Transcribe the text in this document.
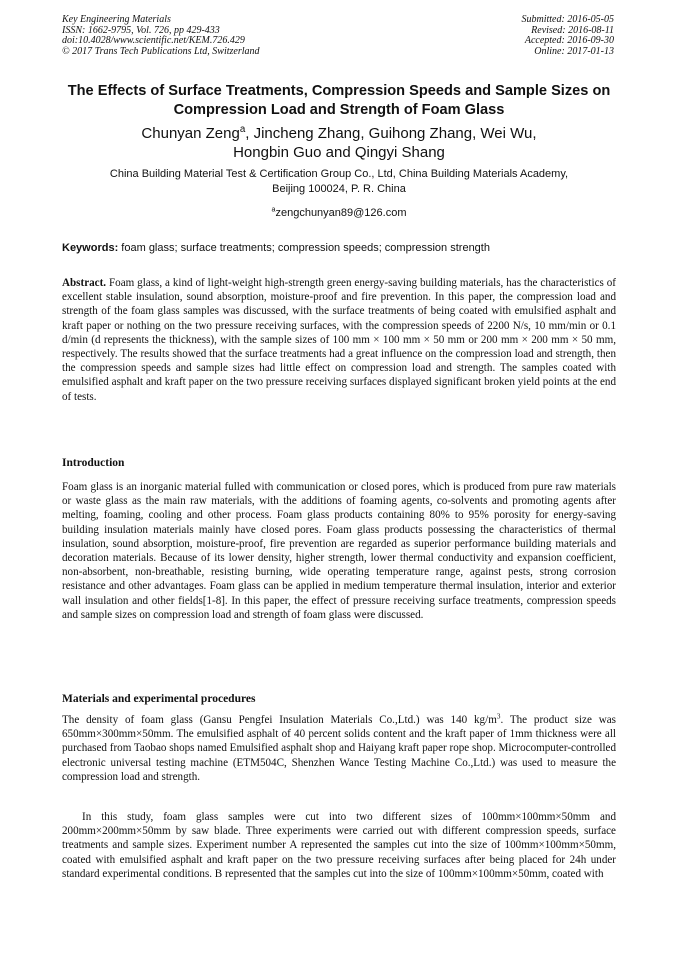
Key Engineering Materials
ISSN: 1662-9795, Vol. 726, pp 429-433
doi:10.4028/www.scientific.net/KEM.726.429
© 2017 Trans Tech Publications Ltd, Switzerland
Submitted: 2016-05-05
Revised: 2016-08-11
Accepted: 2016-09-30
Online: 2017-01-13
The Effects of Surface Treatments, Compression Speeds and Sample Sizes on Compression Load and Strength of Foam Glass
Chunyan Zeng$^a$, Jincheng Zhang, Guihong Zhang, Wei Wu,
Hongbin Guo and Qingyi Shang
China Building Material Test & Certification Group Co., Ltd, China Building Materials Academy,
Beijing 100024, P. R. China
$^a$zengchunyan89@126.com
Keywords: foam glass; surface treatments; compression speeds; compression strength

Abstract. Foam glass, a kind of light-weight high-strength green energy-saving building materials, has the characteristics of excellent stable insulation, sound absorption, moisture-proof and fire prevention. In this paper, the compression load and strength of the foam glass samples was discussed, with the surface treatments of being coated with emulsified asphalt and kraft paper or nothing on the two pressure receiving surfaces, with the compression speeds of 2200 N/s, 10 mm/min or 0.1 d/min (d represents the thickness), with the sample sizes of 100 mm × 100 mm × 50 mm or 200 mm × 200 mm × 50 mm, respectively. The results showed that the surface treatments had a great influence on the compression load and strength, then the compression speeds and sample sizes had little effect on compression load and strength. The samples coated with emulsified asphalt and kraft paper on the two pressure receiving surfaces displayed significant broken yield points at the end of tests.

Introduction

Foam glass is an inorganic material fulled with communication or closed pores, which is produced from pure raw materials or waste glass as the main raw materials, with the additions of foaming agents, co-solvents and promoting agents after melting, foaming, cooling and other process. Foam glass products containing 80% to 95% porosity for energy-saving building insulation materials mainly have closed pores. Foam glass products possessing the characteristics of thermal insulation, sound absorption, moisture-proof, fire prevention are regarded as superior performance building materials and decoration materials. Because of its lower density, higher strength, lower thermal conductivity and expansion coefficient, non-absorbent, non-breathable, resisting burning, wide operating temperature range, against pests, strong corrosion resistance and other advantages. Foam glass can be applied in medium temperature thermal insulation, interior and exterior wall insulation and other fields[1-8]. In this paper, the effect of pressure receiving surface treatments, compression speeds and sample sizes on compression load and strength of foam glass were discussed.

Materials and experimental procedures

The density of foam glass (Gansu Pengfei Insulation Materials Co.,Ltd.) was 140 $kg/m^3$. The product size was 650mm×300mm×50mm. The emulsified asphalt of 40 percent solids content and the kraft paper of 1mm thickness were all purchased from Taobao shops named Emulsified asphalt shop and Haiyang kraft paper rope shop. Microcomputer-controlled electronic universal testing machine (ETM504C, Shenzhen Wance Testing Machine Co.,Ltd.) was used to measure the compression load and strength.

In this study, foam glass samples were cut into two different sizes of 100mm×100mm×50mm and 200mm×200mm×50mm by saw blade. Three experiments were carried out with different compression speeds, surface treatments and sample sizes. Experiment number A represented the samples cut into the size of 100mm×100mm×50mm, coated with emulsified asphalt and kraft paper on the two pressure receiving surfaces after being placed for 24h under standard experimental conditions. B represented that the samples cut into the size of 100mm×100mm×50mm, coated with
